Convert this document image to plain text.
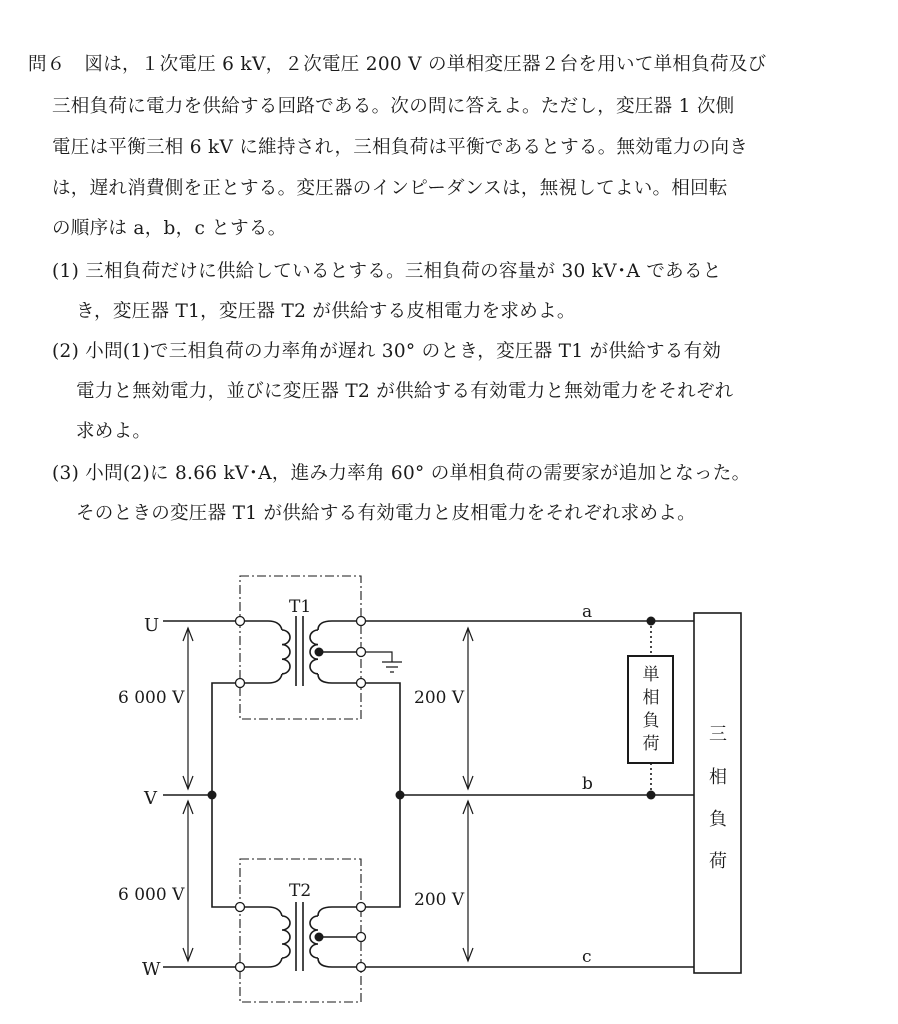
問６　図は，１次電圧 6 kV，２次電圧 200 V の単相変圧器２台を用いて単相負荷及び
三相負荷に電力を供給する回路である。次の問に答えよ。ただし，変圧器 1 次側
電圧は平衡三相 6 kV に維持され，三相負荷は平衡であるとする。無効電力の向き
は，遅れ消費側を正とする。変圧器のインピーダンスは，無視してよい。相回転
の順序は a，b，c とする。
(1) 三相負荷だけに供給しているとする。三相負荷の容量が 30 kV･A であると
き，変圧器 T1，変圧器 T2 が供給する皮相電力を求めよ。
(2) 小問(1)で三相負荷の力率角が遅れ 30° のとき，変圧器 T1 が供給する有効
電力と無効電力，並びに変圧器 T2 が供給する有効電力と無効電力をそれぞれ
求めよ。
(3) 小問(2)に 8.66 kV･A，進み力率角 60° の単相負荷の需要家が追加となった。
そのときの変圧器 T1 が供給する有効電力と皮相電力をそれぞれ求めよ。
U
V
W
T1
T2
a
b
c
6 000 V
6 000 V
200 V
200 V
単
相
負
荷	三
相
負
荷
